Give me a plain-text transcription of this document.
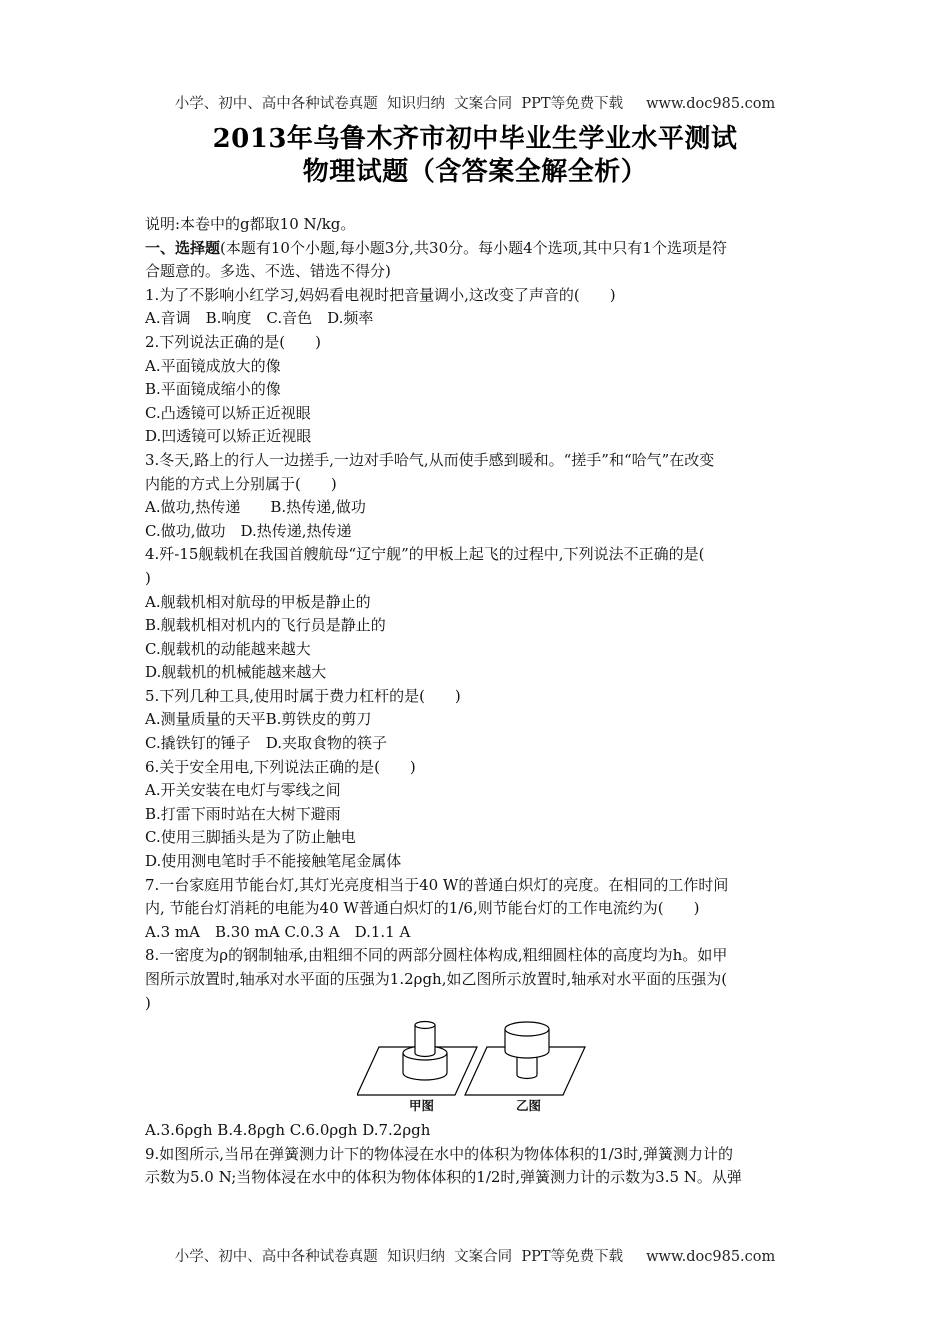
小学、初中、高中各种试卷真题  知识归纳  文案合同  PPT等免费下载     www.doc985.com
2013年乌鲁木齐市初中毕业生学业水平测试
物理试题（含答案全解全析）

说明:本卷中的g都取10 N/kg。

一、选择题(本题有10个小题,每小题3分,共30分。每小题4个选项,其中只有1个选项是符

合题意的。多选、不选、错选不得分)

1.为了不影响小红学习,妈妈看电视时把音量调小,这改变了声音的(　　)

A.音调　B.响度　C.音色　D.频率

2.下列说法正确的是(　　)

A.平面镜成放大的像

B.平面镜成缩小的像

C.凸透镜可以矫正近视眼

D.凹透镜可以矫正近视眼

3.冬天,路上的行人一边搓手,一边对手哈气,从而使手感到暖和。“搓手”和“哈气”在改变

内能的方式上分别属于(　　)

A.做功,热传递　　B.热传递,做功

C.做功,做功　D.热传递,热传递

4.歼-15舰载机在我国首艘航母“辽宁舰”的甲板上起飞的过程中,下列说法不正确的是(

)

A.舰载机相对航母的甲板是静止的

B.舰载机相对机内的飞行员是静止的

C.舰载机的动能越来越大

D.舰载机的机械能越来越大

5.下列几种工具,使用时属于费力杠杆的是(　　)

A.测量质量的天平B.剪铁皮的剪刀

C.撬铁钉的锤子　D.夹取食物的筷子

6.关于安全用电,下列说法正确的是(　　)

A.开关安装在电灯与零线之间

B.打雷下雨时站在大树下避雨

C.使用三脚插头是为了防止触电

D.使用测电笔时手不能接触笔尾金属体

7.一台家庭用节能台灯,其灯光亮度相当于40 W的普通白炽灯的亮度。在相同的工作时间

内, 节能台灯消耗的电能为40 W普通白炽灯的1/6,则节能台灯的工作电流约为(　　)

A.3 mA　B.30 mA C.0.3 A　D.1.1 A

8.一密度为ρ的钢制轴承,由粗细不同的两部分圆柱体构成,粗细圆柱体的高度均为h。如甲

图所示放置时,轴承对水平面的压强为1.2ρgh,如乙图所示放置时,轴承对水平面的压强为(

)

甲图	乙图

A.3.6ρgh B.4.8ρgh C.6.0ρgh D.7.2ρgh

9.如图所示,当吊在弹簧测力计下的物体浸在水中的体积为物体体积的1/3时,弹簧测力计的

示数为5.0 N;当物体浸在水中的体积为物体体积的1/2时,弹簧测力计的示数为3.5 N。从弹

小学、初中、高中各种试卷真题  知识归纳  文案合同  PPT等免费下载     www.doc985.com
